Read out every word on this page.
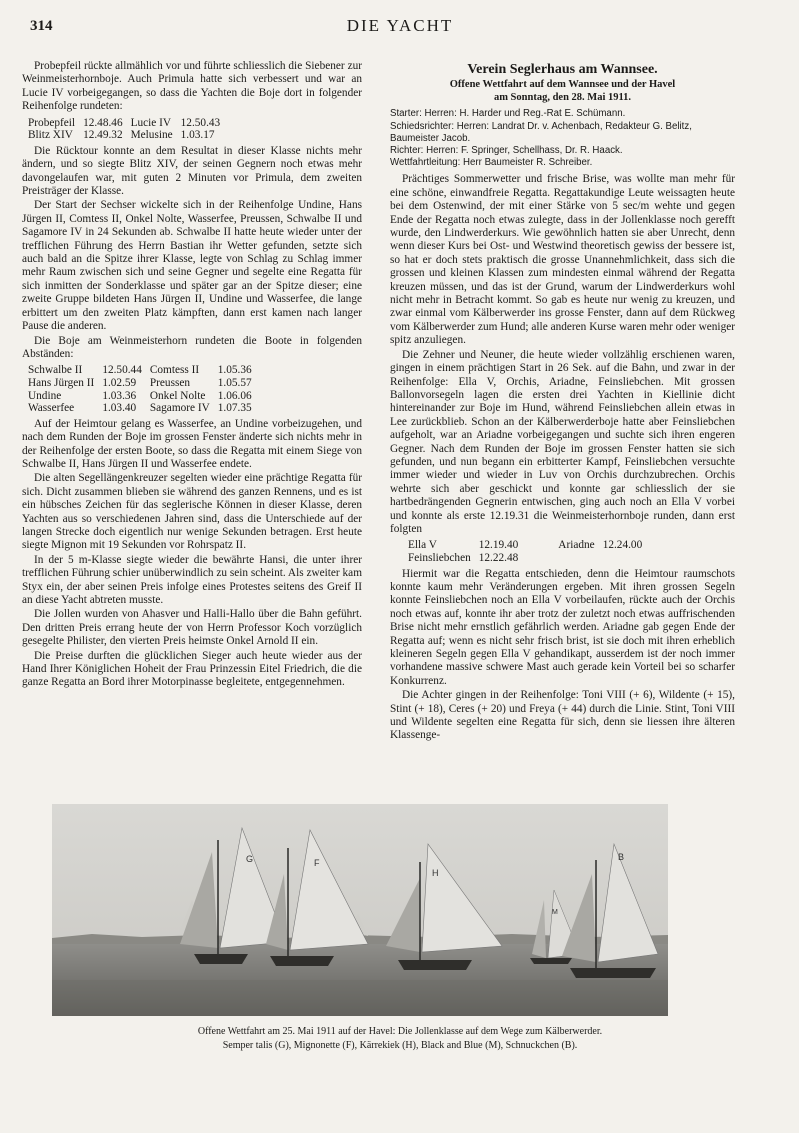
314	DIE YACHT

Probepfeil rückte allmählich vor und führte schliesslich die Siebener zur Weinmeisterhornboje. Auch Primula hatte sich verbessert und war an Lucie IV vorbeigegangen, so dass die Yachten die Boje dort in folgender Reihenfolge rundeten:

Probepfeil	12.48.46	Lucie IV	12.50.43
Blitz XIV	12.49.32	Melusine	1.03.17

Die Rücktour konnte an dem Resultat in dieser Klasse nichts mehr ändern, und so siegte Blitz XIV, der seinen Gegnern noch etwas mehr davongelaufen war, mit guten 2 Minuten vor Primula, dem zweiten Preisträger der Klasse.

Der Start der Sechser wickelte sich in der Reihenfolge Undine, Hans Jürgen II, Comtess II, Onkel Nolte, Wasserfee, Preussen, Schwalbe II und Sagamore IV in 24 Sekunden ab. Schwalbe II hatte heute wieder unter der trefflichen Führung des Herrn Bastian ihr Wetter gefunden, setzte sich auch bald an die Spitze ihrer Klasse, legte von Schlag zu Schlag immer mehr Raum zwischen sich und seine Gegner und segelte eine Regatta für sich inmitten der Sonderklasse und später gar an der Spitze dieser; eine zweite Gruppe bildeten Hans Jürgen II, Undine und Wasserfee, die lange erbittert um den zweiten Platz kämpften, dann erst kamen nach langer Pause die anderen.

Die Boje am Weinmeisterhorn rundeten die Boote in folgenden Abständen:

Schwalbe II	12.50.44	Comtess II	1.05.36
Hans Jürgen II	1.02.59	Preussen	1.05.57
Undine	1.03.36	Onkel Nolte	1.06.06
Wasserfee	1.03.40	Sagamore IV	1.07.35

Auf der Heimtour gelang es Wasserfee, an Undine vorbeizugehen, und nach dem Runden der Boje im grossen Fenster änderte sich nichts mehr in der Reihenfolge der ersten Boote, so dass die Regatta mit einem Siege von Schwalbe II, Hans Jürgen II und Wasserfee endete.

Die alten Segellängenkreuzer segelten wieder eine prächtige Regatta für sich. Dicht zusammen blieben sie während des ganzen Rennens, und es ist ein hübsches Zeichen für das seglerische Können in dieser Klasse, deren Yachten aus so verschiedenen Jahren sind, dass die Unterschiede auf der langen Strecke doch eigentlich nur wenige Sekunden betragen. Erst heute siegte Mignon mit 19 Sekunden vor Rohrspatz II.

In der 5 m-Klasse siegte wieder die bewährte Hansi, die unter ihrer trefflichen Führung schier unüberwindlich zu sein scheint. Als zweiter kam Styx ein, der aber seinen Preis infolge eines Protestes seitens des Greif II an diese Yacht abtreten musste.

Die Jollen wurden von Ahasver und Halli-Hallo über die Bahn geführt. Den dritten Preis errang heute der von Herrn Professor Koch vorzüglich gesegelte Philister, den vierten Preis heimste Onkel Arnold II ein.

Die Preise durften die glücklichen Sieger auch heute wieder aus der Hand Ihrer Königlichen Hoheit der Frau Prinzessin Eitel Friedrich, die die ganze Regatta an Bord ihrer Motorpinasse begleitete, entgegennehmen.

Verein Seglerhaus am Wannsee.
Offene Wettfahrt auf dem Wannsee und der Havel
am Sonntag, den 28. Mai 1911.
Starter: Herren: H. Harder und Reg.-Rat E. Schümann.
Schiedsrichter: Herren: Landrat Dr. v. Achenbach, Redakteur G. Belitz, Baumeister Jacob.
Richter: Herren: F. Springer, Schellhass, Dr. R. Haack.
Wettfahrtleitung: Herr Baumeister R. Schreiber.

Prächtiges Sommerwetter und frische Brise, was wollte man mehr für eine schöne, einwandfreie Regatta. Regattakundige Leute weissagten heute bei dem Ostenwind, der mit einer Stärke von 5 sec/m wehte und gegen Ende der Regatta noch etwas zulegte, dass in der Jollenklasse noch gerefft wurde, den Lindwerderkurs. Wie gewöhnlich hatten sie aber Unrecht, denn wenn dieser Kurs bei Ost- und Westwind theoretisch gewiss der bessere ist, so hat er doch stets praktisch die grosse Unannehmlichkeit, dass sich die grossen und kleinen Klassen zum mindesten einmal während der Regatta kreuzen müssen, und das ist der Grund, warum der Lindwerderkurs wohl nicht mehr in Betracht kommt. So gab es heute nur wenig zu kreuzen, und zwar einmal vom Kälberwerder ins grosse Fenster, dann auf dem Rückweg vom Kälberwerder zum Hund; alle anderen Kurse waren mehr oder weniger spitz anzuliegen.

Die Zehner und Neuner, die heute wieder vollzählig erschienen waren, gingen in einem prächtigen Start in 26 Sek. auf die Bahn, und zwar in der Reihenfolge: Ella V, Orchis, Ariadne, Feinsliebchen. Mit grossen Ballonvorsegeln lagen die ersten drei Yachten in Kiellinie dicht hintereinander zur Boje im Hund, während Feinsliebchen allein etwas in Lee zurückblieb. Schon an der Kälberwerderboje hatte aber Feinsliebchen aufgeholt, war an Ariadne vorbeigegangen und suchte sich ihren engeren Gegner. Nach dem Runden der Boje im grossen Fenster hatten sie sich gefunden, und nun begann ein erbitterter Kampf, Feinsliebchen versuchte immer wieder und wieder in Luv von Orchis durchzubrechen. Orchis wehrte sich aber geschickt und konnte gar schliesslich der sie hartbedrängenden Gegnerin entwischen, ging auch noch an Ella V vorbei und konnte als erste 12.19.31 die Weinmeisterhornboje runden, dann erst folgten

Ella V	12.19.40	Ariadne	12.24.00
Feinsliebchen	12.22.48		

Hiermit war die Regatta entschieden, denn die Heimtour raumschots konnte kaum mehr Veränderungen ergeben. Mit ihren grossen Segeln konnte Feinsliebchen noch an Ella V vorbeilaufen, rückte auch der Orchis noch etwas auf, konnte ihr aber trotz der zuletzt noch etwas auffrischenden Brise nicht mehr ernstlich gefährlich werden. Ariadne gab gegen Ende der Regatta auf; wenn es nicht sehr frisch brist, ist sie doch mit ihren erheblich kleineren Segeln gegen Ella V gehandikapt, ausserdem ist der noch immer vorhandene massive schwere Mast auch gerade kein Vorteil bei so scharfer Konkurrenz.

Die Achter gingen in der Reihenfolge: Toni VIII (+ 6), Wildente (+ 15), Stint (+ 18), Ceres (+ 20) und Freya (+ 44) durch die Linie. Stint, Toni VIII und Wildente segelten eine Regatta für sich, denn sie liessen ihre älteren Klassenge-

G	F
H
M
B
Offene Wettfahrt am 25. Mai 1911 auf der Havel: Die Jollenklasse auf dem Wege zum Kälberwerder.
Semper talis (G), Mignonette (F), Kärrekiek (H), Black and Blue (M), Schnuckchen (B).
